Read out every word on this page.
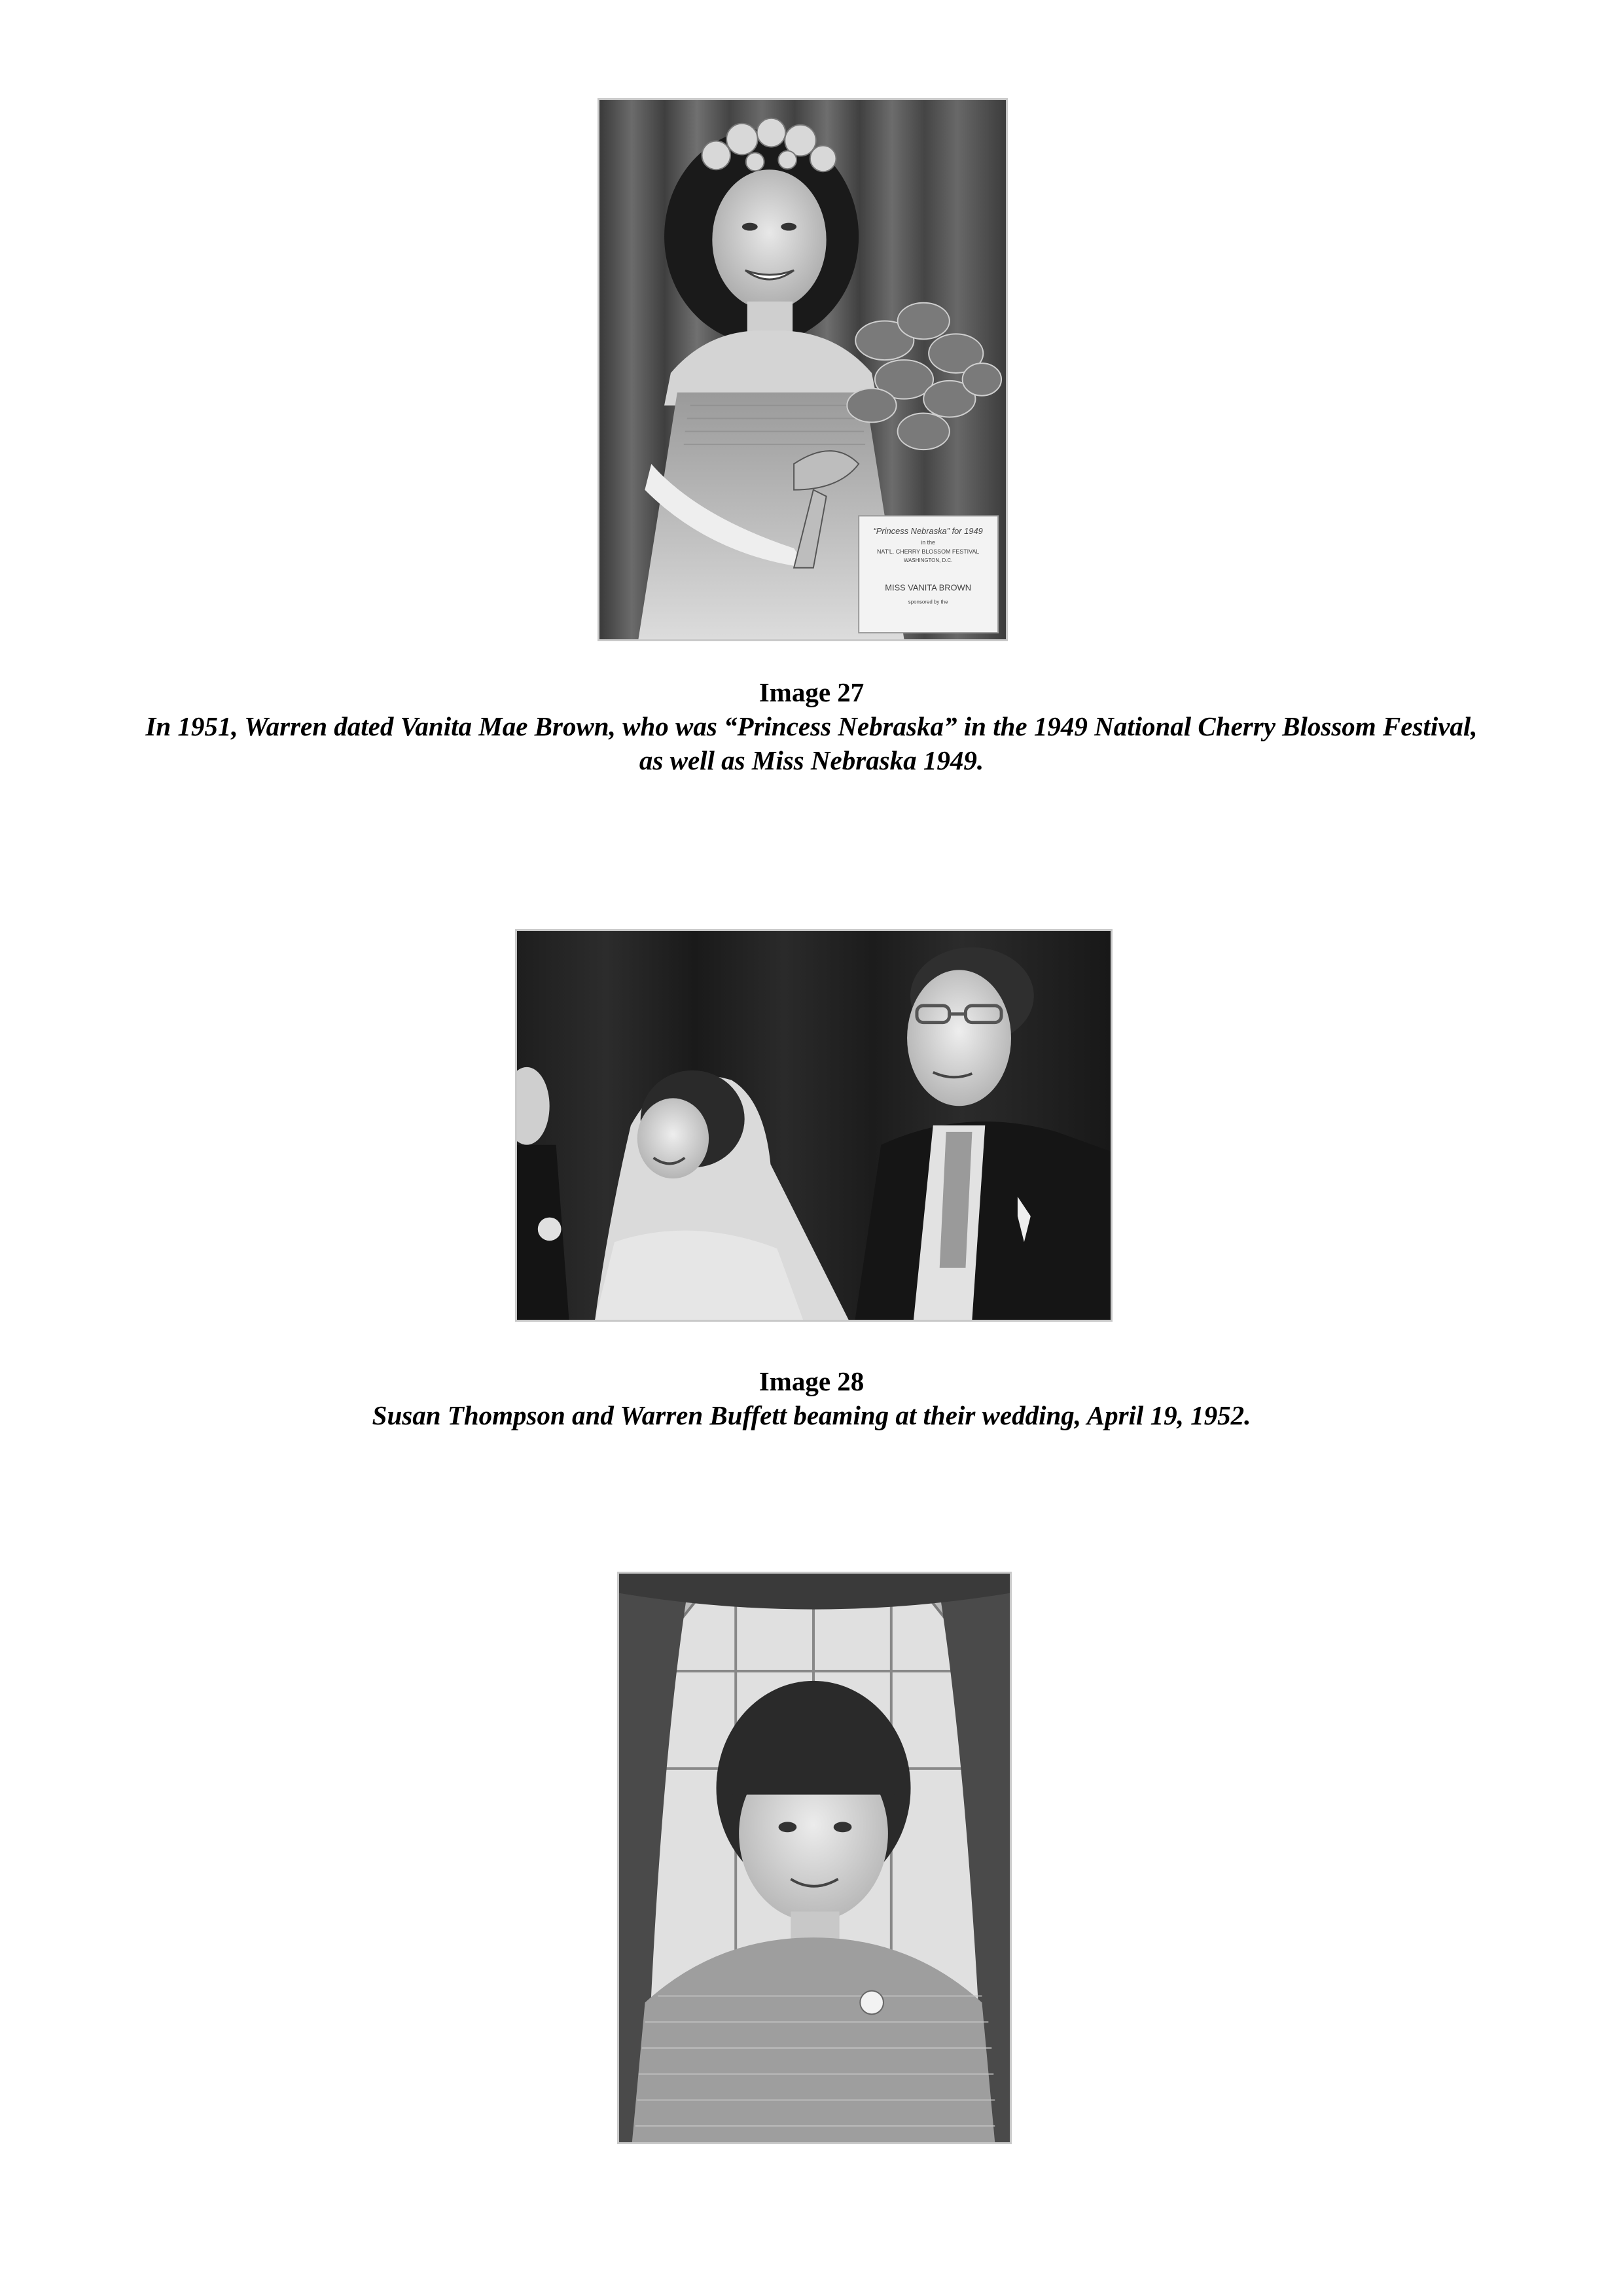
“Princess Nebraska” for 1949
in the
NAT'L. CHERRY BLOSSOM FESTIVAL
WASHINGTON, D.C.
MISS VANITA BROWN
sponsored by the
Image 27
In 1951, Warren dated Vanita Mae Brown, who was “Princess Nebraska” in the 1949 National Cherry Blossom Festival, as well as Miss Nebraska 1949.
Image 28
Susan Thompson and Warren Buffett beaming at their wedding, April 19, 1952.
